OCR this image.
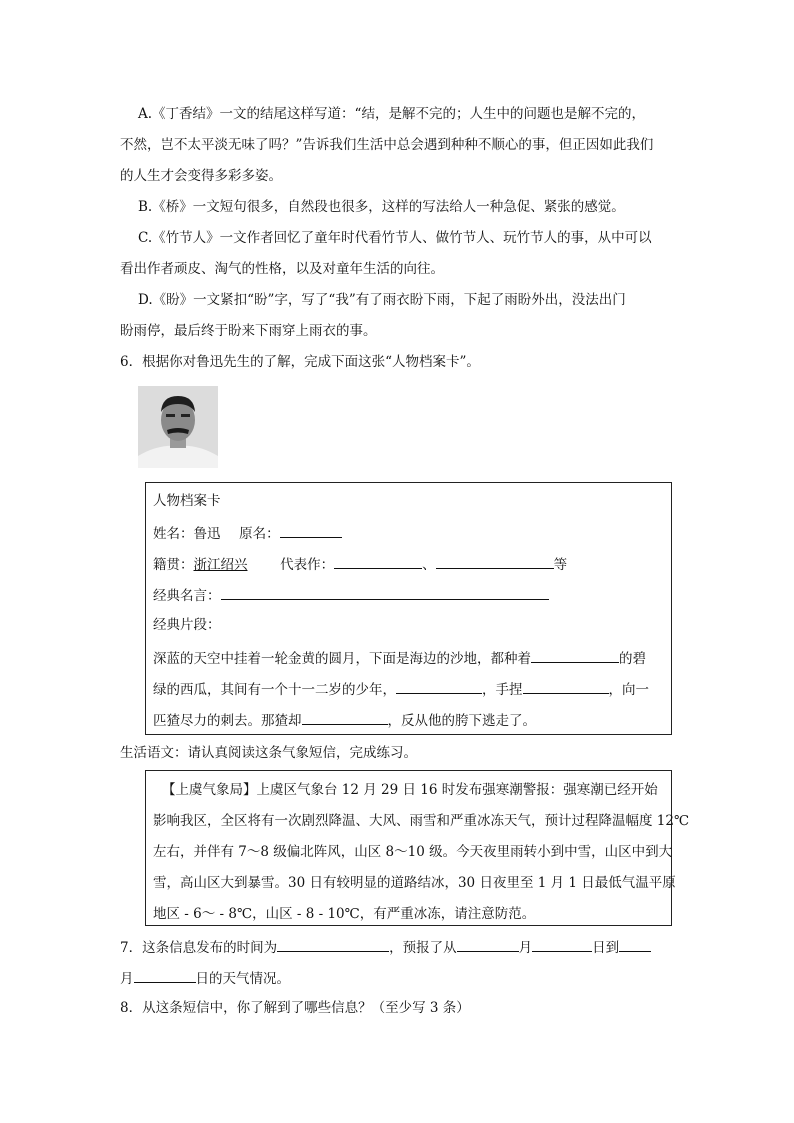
A.《丁香结》一文的结尾这样写道：“结，是解不完的；人生中的问题也是解不完的，
不然，岂不太平淡无味了吗？”告诉我们生活中总会遇到种种不顺心的事，但正因如此我们
的人生才会变得多彩多姿。
B.《桥》一文短句很多，自然段也很多，这样的写法给人一种急促、紧张的感觉。
C.《竹节人》一文作者回忆了童年时代看竹节人、做竹节人、玩竹节人的事，从中可以
看出作者顽皮、淘气的性格，以及对童年生活的向往。
D.《盼》一文紧扣“盼”字，写了“我”有了雨衣盼下雨，下起了雨盼外出，没法出门
盼雨停，最后终于盼来下雨穿上雨衣的事。
6．根据你对鲁迅先生的了解，完成下面这张“人物档案卡”。
人物档案卡
姓名：鲁迅 原名：
籍贯：浙江绍兴 代表作：	、	等
经典名言：
经典片段：
深蓝的天空中挂着一轮金黄的圆月，下面是海边的沙地，都种着	的碧
绿的西瓜，其间有一个十一二岁的少年，	，手捏	，向一
匹猹尽力的刺去。那猹却	，反从他的胯下逃走了。
生活语文：请认真阅读这条气象短信，完成练习。
【上虞气象局】上虞区气象台 12 月 29 日 16 时发布强寒潮警报：强寒潮已经开始
影响我区，全区将有一次剧烈降温、大风、雨雪和严重冰冻天气，预计过程降温幅度 12℃
左右，并伴有 7～8 级偏北阵风，山区 8～10 级。今天夜里雨转小到中雪，山区中到大
雪，高山区大到暴雪。30 日有较明显的道路结冰，30 日夜里至 1 月 1 日最低气温平原
地区 - 6～ - 8℃，山区 - 8 - 10℃，有严重冰冻，请注意防范。
7．这条信息发布的时间为	，预报了从	月	日到
月	日的天气情况。
8．从这条短信中，你了解到了哪些信息？（至少写 3 条）
